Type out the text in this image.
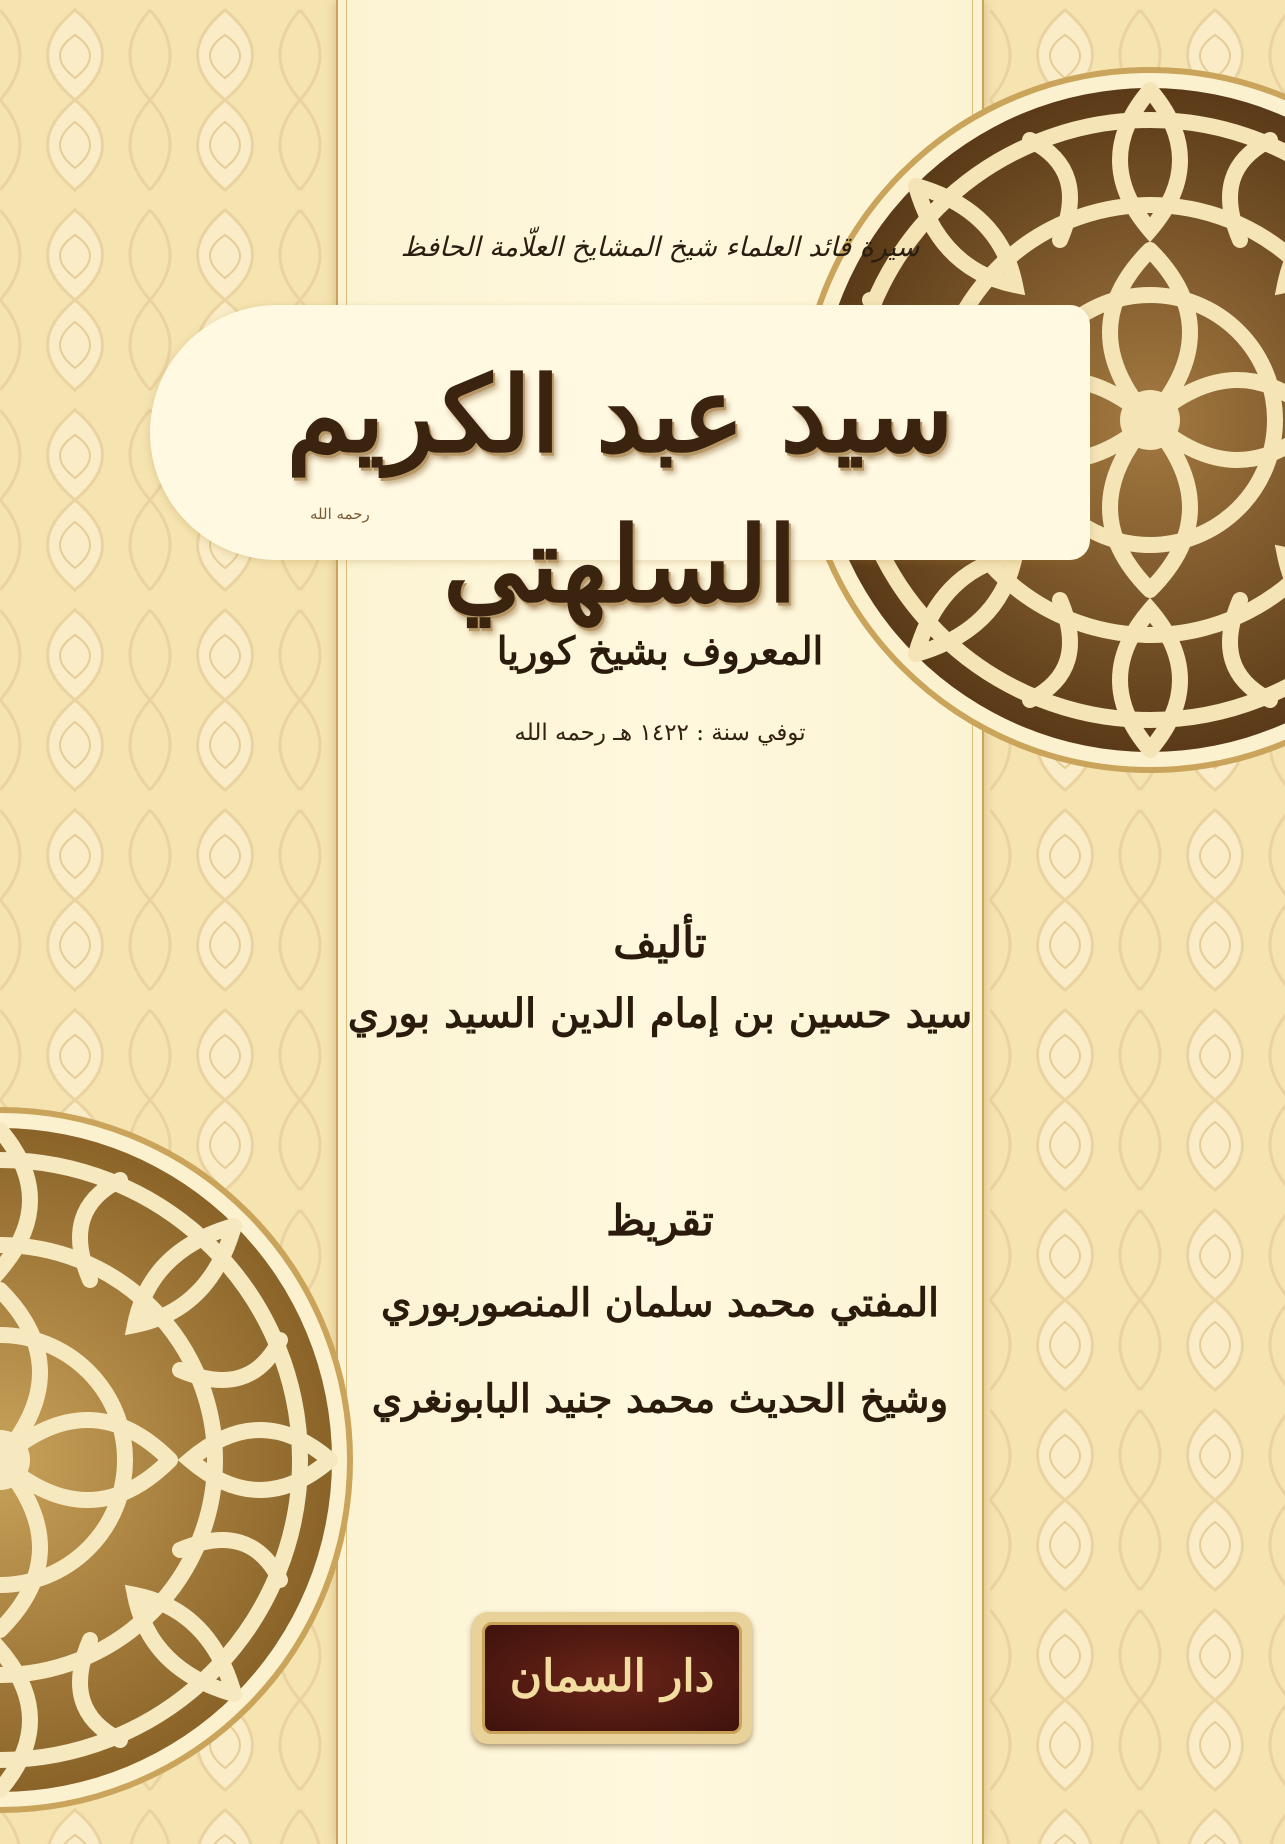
سيرة قائد العلماء شيخ المشايخ العلّامة الحافظ
سيد عبد الكريم السلهتي
رحمه الله
المعروف بشيخ كوريا
توفي سنة : ١٤٢٢ هـ رحمه الله
تأليف
سيد حسين بن إمام الدين السيد بوري
تقريظ
المفتي محمد سلمان المنصوربوري
وشيخ الحديث محمد جنيد البابونغري
دار السمان
